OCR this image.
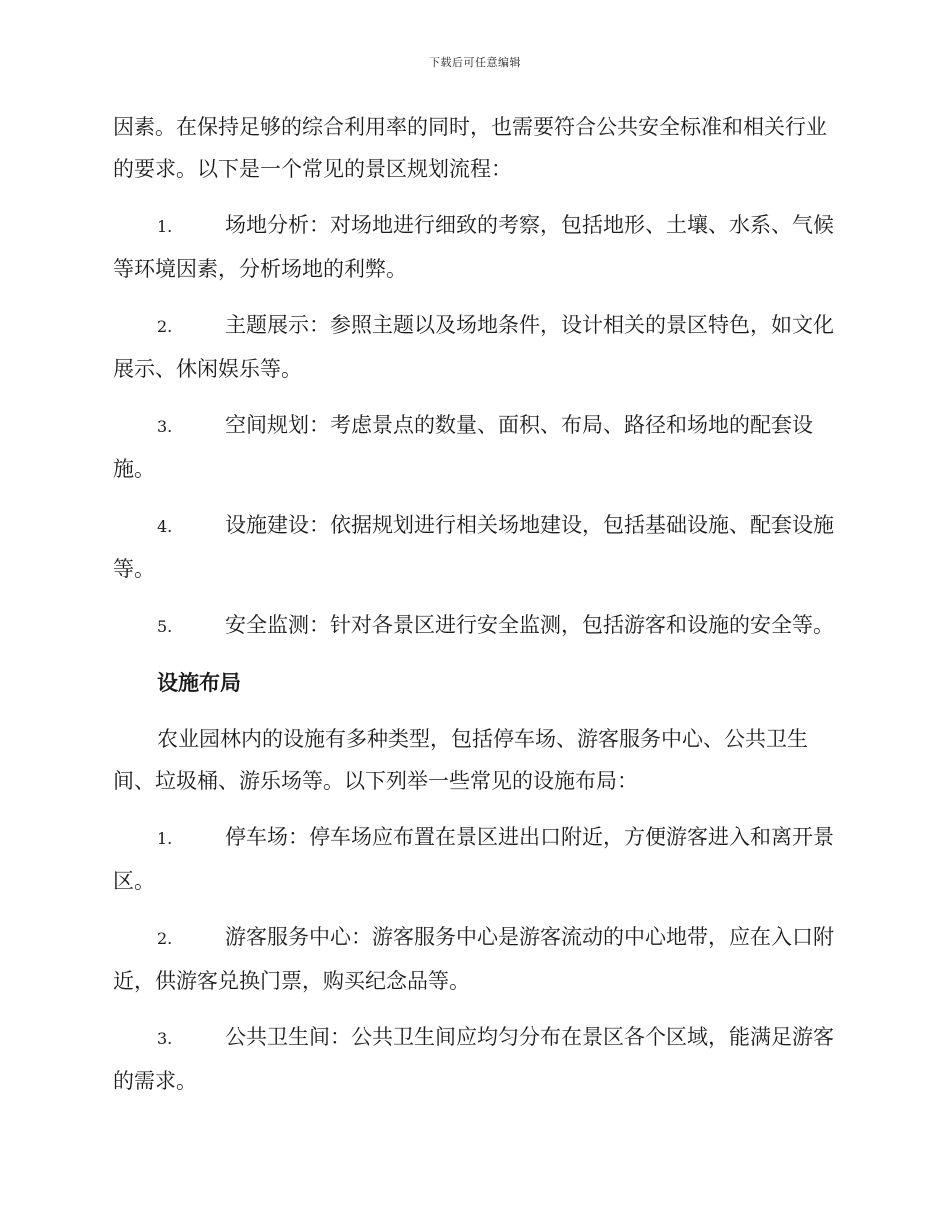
下载后可任意编辑

因素。在保持足够的综合利用率的同时，也需要符合公共安全标准和相关行业的要求。以下是一个常见的景区规划流程：

1.	场地分析：对场地进行细致的考察，包括地形、土壤、水系、气候等环境因素，分析场地的利弊。

2.	主题展示：参照主题以及场地条件，设计相关的景区特色，如文化展示、休闲娱乐等。

3.	空间规划：考虑景点的数量、面积、布局、路径和场地的配套设施。

4.	设施建设：依据规划进行相关场地建设，包括基础设施、配套设施等。

5.	安全监测：针对各景区进行安全监测，包括游客和设施的安全等。

设施布局

农业园林内的设施有多种类型，包括停车场、游客服务中心、公共卫生间、垃圾桶、游乐场等。以下列举一些常见的设施布局：

1.	停车场：停车场应布置在景区进出口附近，方便游客进入和离开景区。

2.	游客服务中心：游客服务中心是游客流动的中心地带，应在入口附近，供游客兑换门票，购买纪念品等。

3.	公共卫生间：公共卫生间应均匀分布在景区各个区域，能满足游客的需求。
